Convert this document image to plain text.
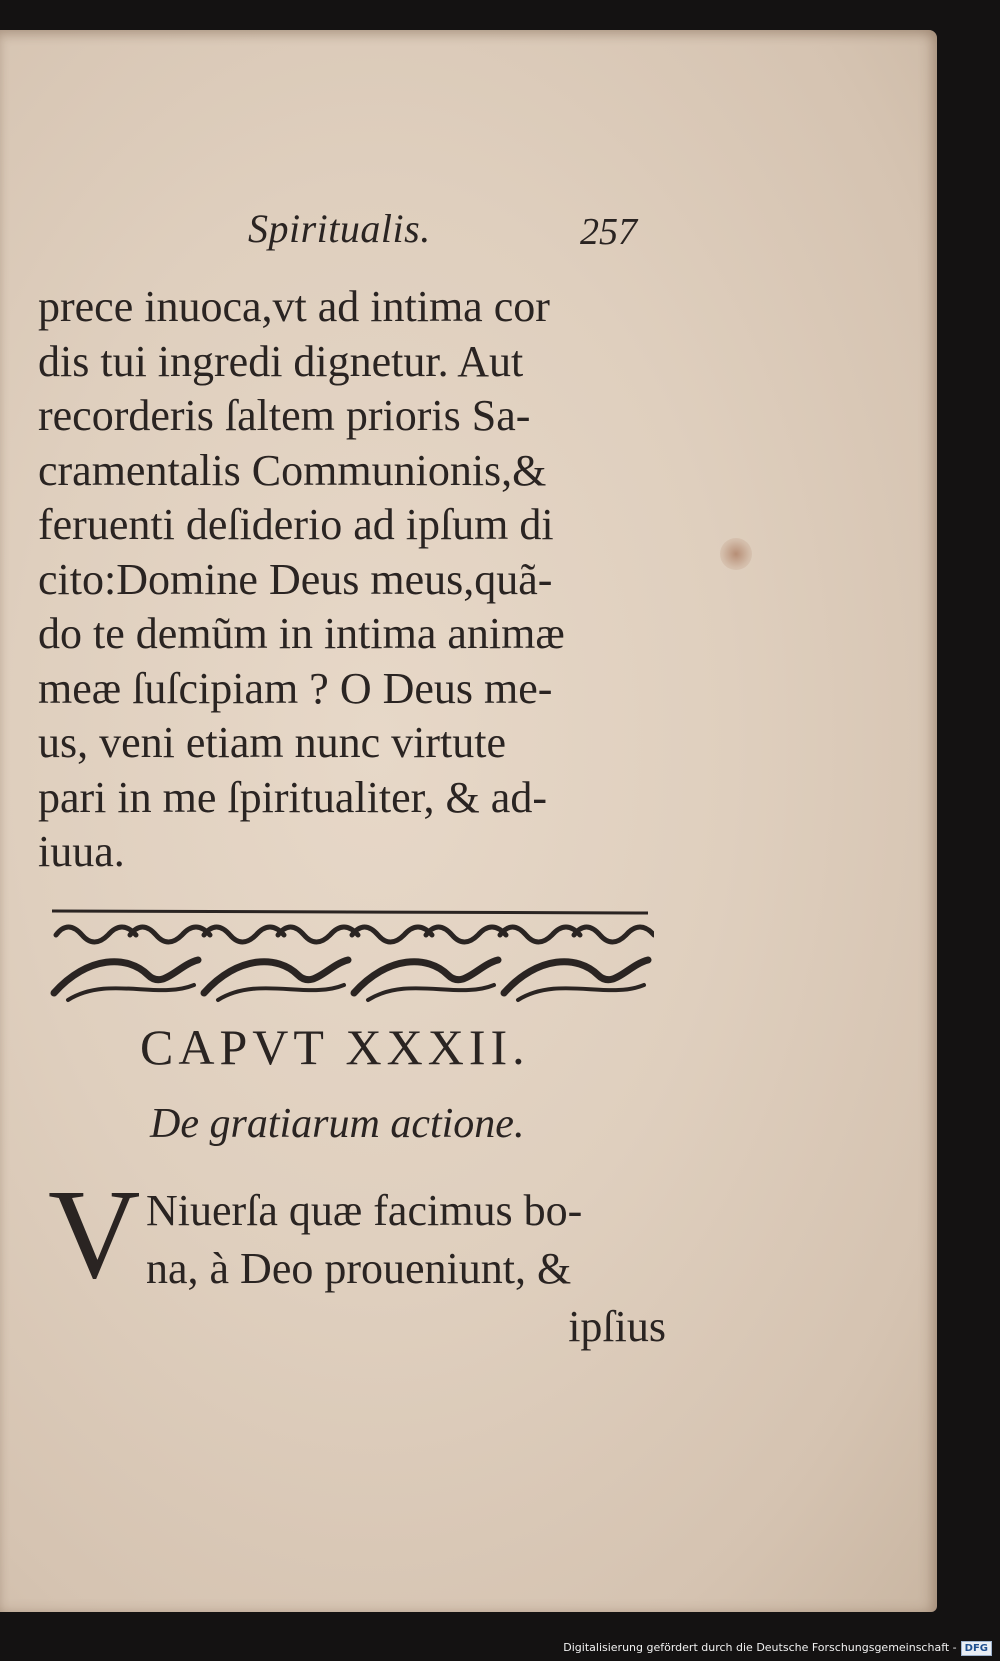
Spiritualis.	257
prece inuoca,vt ad intima cor
dis tui ingredi dignetur. Aut
recorderis ſaltem prioris Sa-
cramentalis Communionis,&
feruenti deſiderio ad ipſum di
cito:Domine Deus meus,quã-
do te demũm in intima animæ
meæ ſuſcipiam ? O Deus me-
us, veni etiam nunc virtute
pari in me ſpiritualiter, & ad-
iuua.
CAPVT XXXII.
De gratiarum actione.
V Niuerſa quæ facimus bo-
na, à Deo proueniunt, &
ipſius
Digitalisierung gefördert durch die Deutsche Forschungsgemeinschaft - DFG
